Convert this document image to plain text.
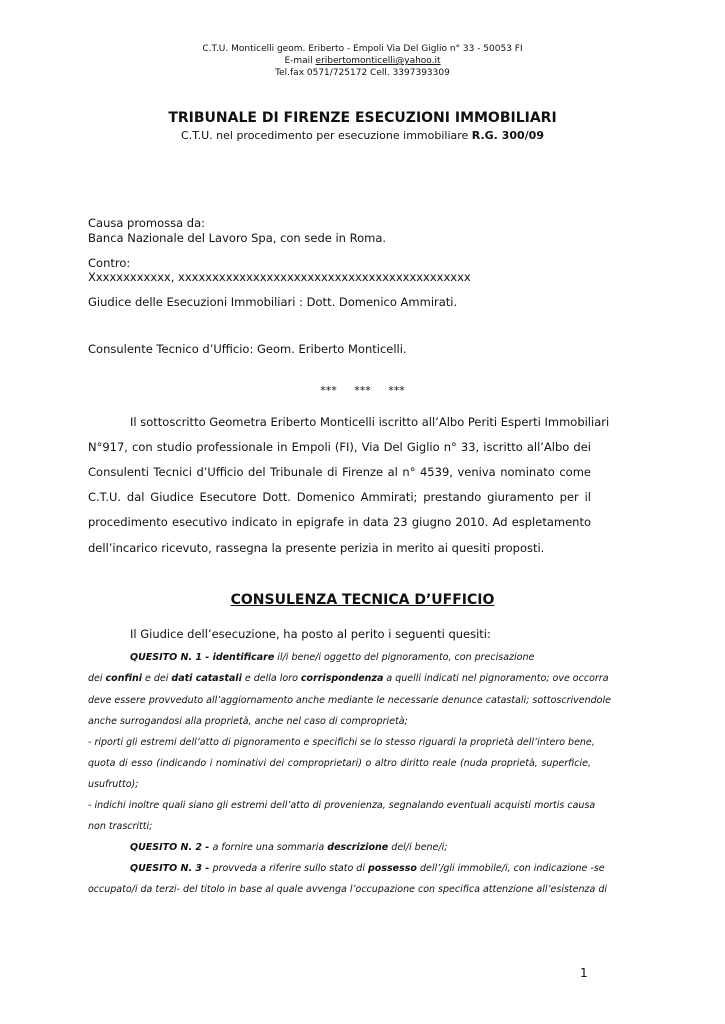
C.T.U. Monticelli geom. Eriberto - Empoli Via Del Giglio n° 33 - 50053 FI
E-mail eribertomonticelli@yahoo.it
Tel.fax 0571/725172 Cell. 3397393309
TRIBUNALE DI FIRENZE ESECUZIONI IMMOBILIARI
C.T.U. nel procedimento per esecuzione immobiliare R.G. 300/09
Causa promossa da:
Banca Nazionale del Lavoro Spa, con sede in Roma.
Contro:
Xxxxxxxxxxxx, xxxxxxxxxxxxxxxxxxxxxxxxxxxxxxxxxxxxxxxxxxx
Giudice delle Esecuzioni Immobiliari : Dott. Domenico Ammirati.
Consulente Tecnico d’Ufficio: Geom. Eriberto Monticelli.
*** *** ***
Il sottoscritto Geometra Eriberto Monticelli iscritto all’Albo Periti Esperti Immobiliari
N°917, con studio professionale in Empoli (FI), Via Del Giglio n° 33, iscritto all’Albo dei
Consulenti Tecnici d’Ufficio del Tribunale di Firenze al n° 4539, veniva nominato come
C.T.U. dal Giudice Esecutore Dott. Domenico Ammirati; prestando giuramento per il
procedimento esecutivo indicato in epigrafe in data 23 giugno 2010. Ad espletamento
dell’incarico ricevuto, rassegna la presente perizia in merito ai quesiti proposti.
CONSULENZA TECNICA D’UFFICIO
Il Giudice dell’esecuzione, ha posto al perito i seguenti quesiti:
QUESITO N. 1 - identificare il/i bene/i oggetto del pignoramento, con precisazione
dei confini e dei dati catastali e della loro corrispondenza a quelli indicati nel pignoramento; ove occorra
deve essere provveduto all’aggiornamento anche mediante le necessarie denunce catastali; sottoscrivendole
anche surrogandosi alla proprietà, anche nel caso di comproprietà;
- riporti gli estremi dell’atto di pignoramento e specifichi se lo stesso riguardi la proprietà dell’intero bene,
quota di esso (indicando i nominativi dei comproprietari) o altro diritto reale (nuda proprietà, superficie,
usufrutto);
- indichi inoltre quali siano gli estremi dell’atto di provenienza, segnalando eventuali acquisti mortis causa
non trascritti;
QUESITO N. 2 - a fornire una sommaria descrizione del/i bene/i;
QUESITO N. 3 - provveda a riferire sullo stato di possesso dell’/gli immobile/i, con indicazione -se
occupato/i da terzi- del titolo in base al quale avvenga l’occupazione con specifica attenzione all’esistenza di
1
